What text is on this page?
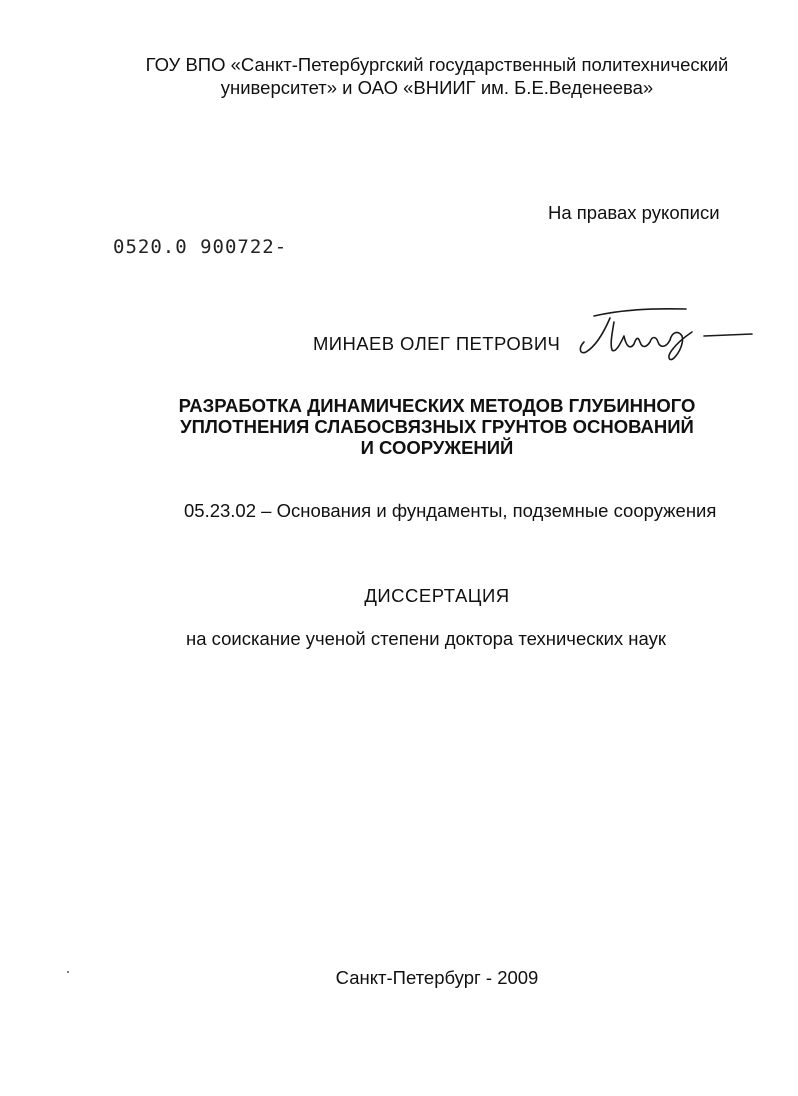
ГОУ ВПО «Санкт-Петербургский государственный политехнический
университет» и ОАО «ВНИИГ им. Б.Е.Веденеева»
На правах рукописи
0520.0 900722-
МИНАЕВ ОЛЕГ ПЕТРОВИЧ
РАЗРАБОТКА ДИНАМИЧЕСКИХ МЕТОДОВ ГЛУБИННОГО
УПЛОТНЕНИЯ СЛАБОСВЯЗНЫХ ГРУНТОВ ОСНОВАНИЙ
И СООРУЖЕНИЙ
05.23.02 – Основания и фундаменты, подземные сооружения
ДИССЕРТАЦИЯ
на соискание ученой степени доктора технических наук
Санкт-Петербург - 2009
